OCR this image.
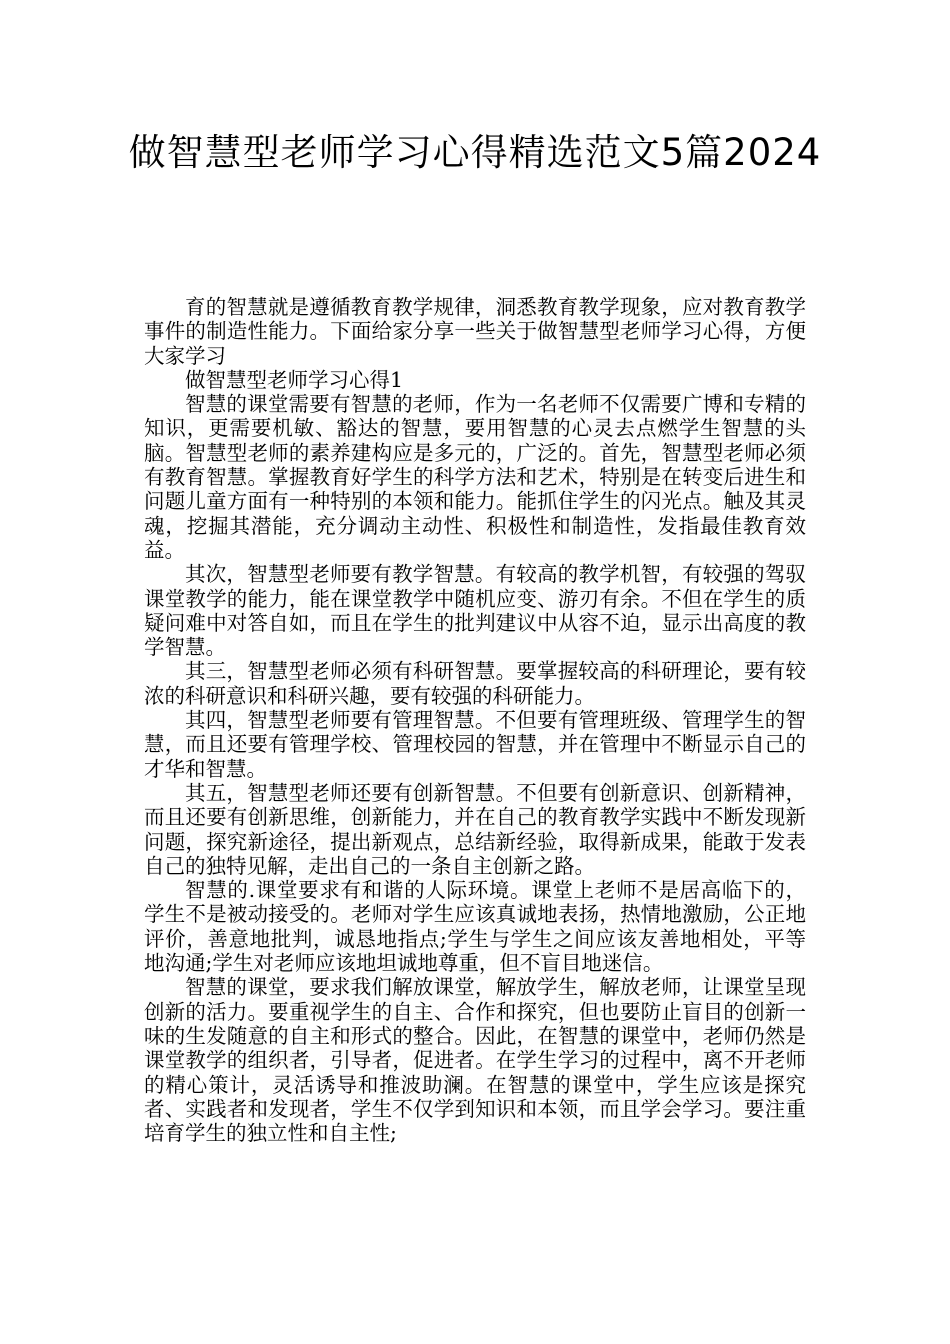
做智慧型老师学习心得精选范文5篇2024

育的智慧就是遵循教育教学规律，洞悉教育教学现象，应对教育教学事件的制造性能力。下面给家分享一些关于做智慧型老师学习心得，方便大家学习

做智慧型老师学习心得1

智慧的课堂需要有智慧的老师，作为一名老师不仅需要广博和专精的知识，更需要机敏、豁达的智慧，要用智慧的心灵去点燃学生智慧的头脑。智慧型老师的素养建构应是多元的，广泛的。首先，智慧型老师必须有教育智慧。掌握教育好学生的科学方法和艺术，特别是在转变后进生和问题儿童方面有一种特别的本领和能力。能抓住学生的闪光点。触及其灵魂，挖掘其潜能，充分调动主动性、积极性和制造性，发指最佳教育效益。

其次，智慧型老师要有教学智慧。有较高的教学机智，有较强的驾驭课堂教学的能力，能在课堂教学中随机应变、游刃有余。不但在学生的质疑问难中对答自如，而且在学生的批判建议中从容不迫，显示出高度的教学智慧。

其三，智慧型老师必须有科研智慧。要掌握较高的科研理论，要有较浓的科研意识和科研兴趣，要有较强的科研能力。

其四，智慧型老师要有管理智慧。不但要有管理班级、管理学生的智慧，而且还要有管理学校、管理校园的智慧，并在管理中不断显示自己的才华和智慧。

其五，智慧型老师还要有创新智慧。不但要有创新意识、创新精神，而且还要有创新思维，创新能力，并在自己的教育教学实践中不断发现新问题，探究新途径，提出新观点，总结新经验，取得新成果，能敢于发表自己的独特见解，走出自己的一条自主创新之路。

智慧的.课堂要求有和谐的人际环境。课堂上老师不是居高临下的，学生不是被动接受的。老师对学生应该真诚地表扬，热情地激励，公正地评价，善意地批判，诚恳地指点;学生与学生之间应该友善地相处，平等地沟通;学生对老师应该地坦诚地尊重，但不盲目地迷信。

智慧的课堂，要求我们解放课堂，解放学生，解放老师，让课堂呈现创新的活力。要重视学生的自主、合作和探究，但也要防止盲目的创新一味的生发随意的自主和形式的整合。因此，在智慧的课堂中，老师仍然是课堂教学的组织者，引导者，促进者。在学生学习的过程中，离不开老师的精心策计，灵活诱导和推波助澜。在智慧的课堂中，学生应该是探究者、实践者和发现者，学生不仅学到知识和本领，而且学会学习。要注重培育学生的独立性和自主性;
